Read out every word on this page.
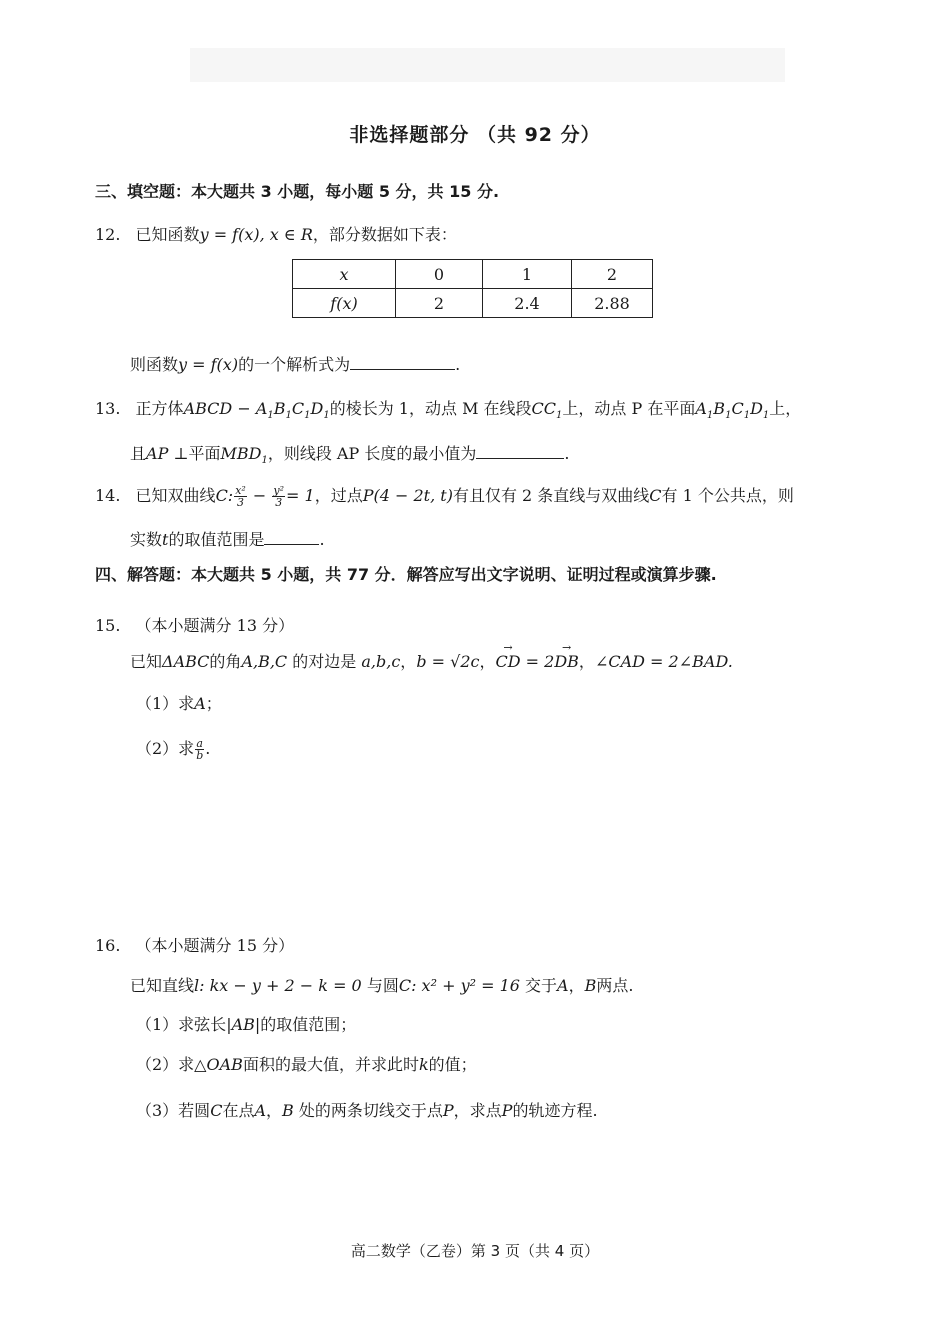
非选择题部分 （共 92 分）
三、填空题：本大题共 3 小题，每小题 5 分，共 15 分.
12. 已知函数y = f(x), x ∈ R，部分数据如下表：
x	0	1	2
f(x)	2	2.4	2.88
则函数y = f(x)的一个解析式为	.
13. 正方体ABCD − $A_1B_1C_1D_1$的棱长为 1，动点 M 在线段$CC_1$上，动点 P 在平面$A_1B_1C_1D_1$上，
且AP ⊥平面$MBD_1$，则线段 AP 长度的最小值为	.
14. 已知双曲线C: $\frac{\text{x²}}{3} - \frac{\text{y²}}{3} = 1$，过点P(4 − 2t, t)有且仅有 2 条直线与双曲线C有 1 个公共点，则
实数t的取值范围是	.
四、解答题：本大题共 5 小题，共 77 分．解答应写出文字说明、证明过程或演算步骤.
15. （本小题满分 13 分）
已知ΔABC的角A,B,C 的对边是 a,b,c，b = √2c，→ CD = 2→ DB，∠CAD = 2∠BAD.
（1）求A；
（2）求 $\frac{a}{b}$ .
16. （本小题满分 15 分）
已知直线l: kx − y + 2 − k = 0 与圆C: x² + y² = 16 交于A，B两点.
（1）求弦长|AB|的取值范围；
（2）求△OAB面积的最大值，并求此时k的值；
（3）若圆C在点A，B 处的两条切线交于点P，求点P的轨迹方程.
高二数学（乙卷）第 3 页（共 4 页）
